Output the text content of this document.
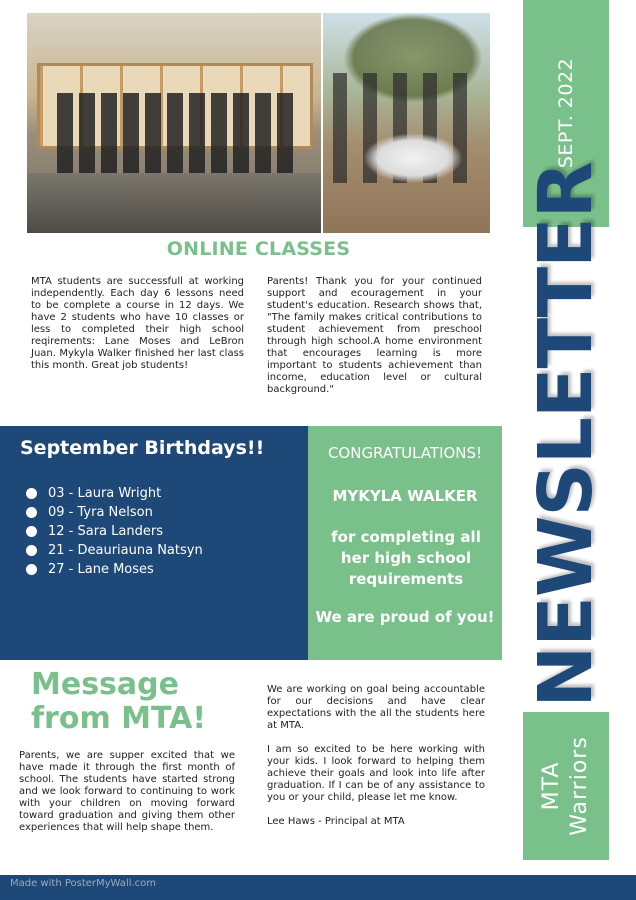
ONLINE CLASSES
MTA students are successfull at working independently. Each day 6 lessons need to be complete a course in 12 days. We have 2 students who have 10 classes or less to completed their high school reqirements: Lane Moses and LeBron Juan. Mykyla Walker finished her last class this month. Great job students!
Parents! Thank you for your continued support and ecouragement in your student's education. Research shows that, "The family makes critical contributions to student achievement from preschool through high school.A home environment that encourages learning is more important to students achievement than income, education level or cultural background."
September Birthdays!!
03 - Laura Wright
09 - Tyra Nelson
12 - Sara Landers
21 - Deauriauna Natsyn
27 - Lane Moses
CONGRATULATIONS!
MYKYLA WALKER
for completing all her high school requirements
We are proud of you!
Message
from MTA!
Parents, we are supper excited that we have made it through the first month of school. The students have started strong and we look forward to continuing to work with your children on moving forward toward graduation and giving them other experiences that will help shape them.
We are working on goal being accountable for our decisions and have clear expectations with the all the students here at MTA.
I am so excited to be here working with your kids. I look forward to helping them achieve their goals and look into life after graduation. If I can be of any assistance to you or your child, please let me know.
Lee Haws - Principal at MTA
SEPT. 2022
NEWSLETTER
MTA Warriors
Made with PosterMyWall.com
